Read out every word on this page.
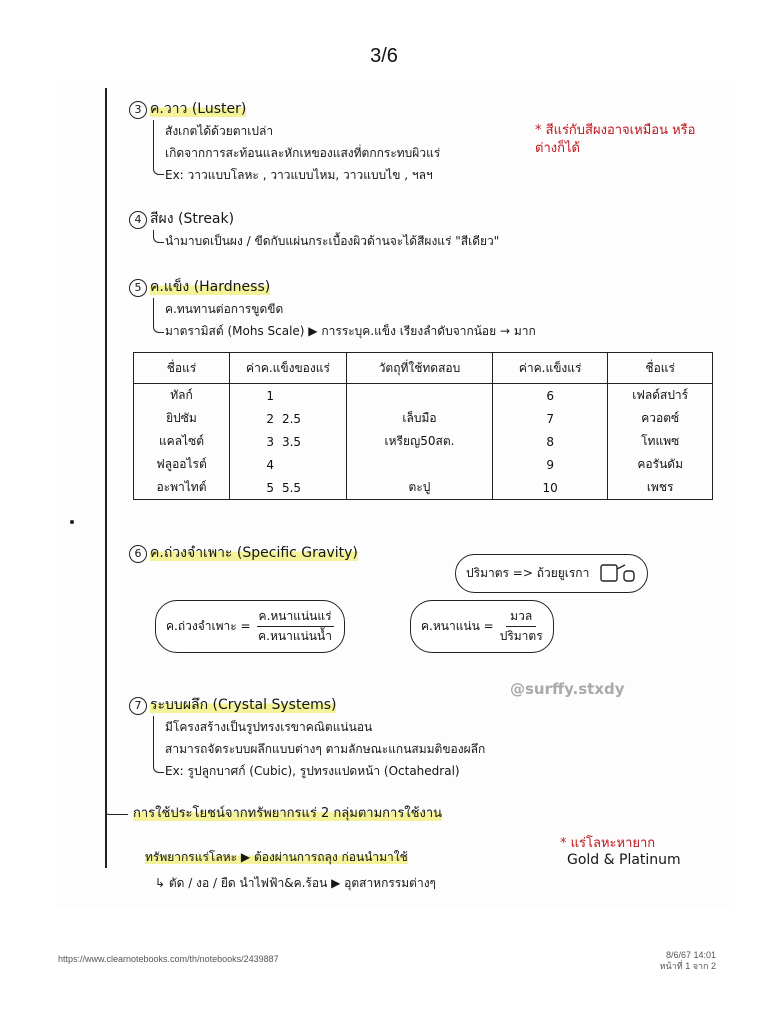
3/6
3 ค.วาว (Luster)
สังเกตได้ด้วยตาเปล่า
เกิดจากการสะท้อนและหักเหของแสงที่ตกกระทบผิวแร่
Ex: วาวแบบโลหะ , วาวแบบไหม, วาวแบบไข , ฯลฯ
* สีแร่กับสีผงอาจเหมือน หรือต่างก็ได้
4 สีผง (Streak)
นำมาบดเป็นผง / ขีดกับแผ่นกระเบื้องผิวด้านจะได้สีผงแร่ "สีเดียว"
5 ค.แข็ง (Hardness)
ค.ทนทานต่อการขูดขีด
มาตรามิสต์ (Mohs Scale) ▶ การระบุค.แข็ง เรียงลำดับจากน้อย → มาก
ชื่อแร่	ค่าค.แข็งของแร่		วัตถุที่ใช้ทดสอบ	ค่าค.แข็งแร่	ชื่อแร่
ทัลก์	1			6	เฟลด์สปาร์
ยิปซัม	2	2.5	เล็บมือ	7	ควอตซ์
แคลไซต์	3	3.5	เหรียญ50สต.	8	โทแพซ
ฟลูออไรต์	4			9	คอรันดัม
อะพาไทต์	5	5.5	ตะปู	10	เพชร
6 ค.ถ่วงจำเพาะ (Specific Gravity)
ปริมาตร => ถ้วยยูเรกา
ค.ถ่วงจำเพาะ =
ค.หนาแน่นแร่
ค.หนาแน่นน้ำ
ค.หนาแน่น =
มวล
ปริมาตร
@surffy.stxdy
7 ระบบผลึก (Crystal Systems)
มีโครงสร้างเป็นรูปทรงเรขาคณิตแน่นอน
สามารถจัดระบบผลึกแบบต่างๆ ตามลักษณะแกนสมมติของผลึก
Ex: รูปลูกบาศก์ (Cubic), รูปทรงแปดหน้า (Octahedral)
การใช้ประโยชน์จากทรัพยากรแร่ 2 กลุ่มตามการใช้งาน
ทรัพยากรแร่โลหะ ▶ ต้องผ่านการถลุง ก่อนนำมาใช้
↳ ตัด / งอ / ยืด นำไฟฟ้า&ค.ร้อน ▶ อุตสาหกรรมต่างๆ
* แร่โลหะหายาก
Gold & Platinum
https://www.clearnotebooks.com/th/notebooks/2439887	8/6/67 14:01
หน้าที่ 1 จาก 2
